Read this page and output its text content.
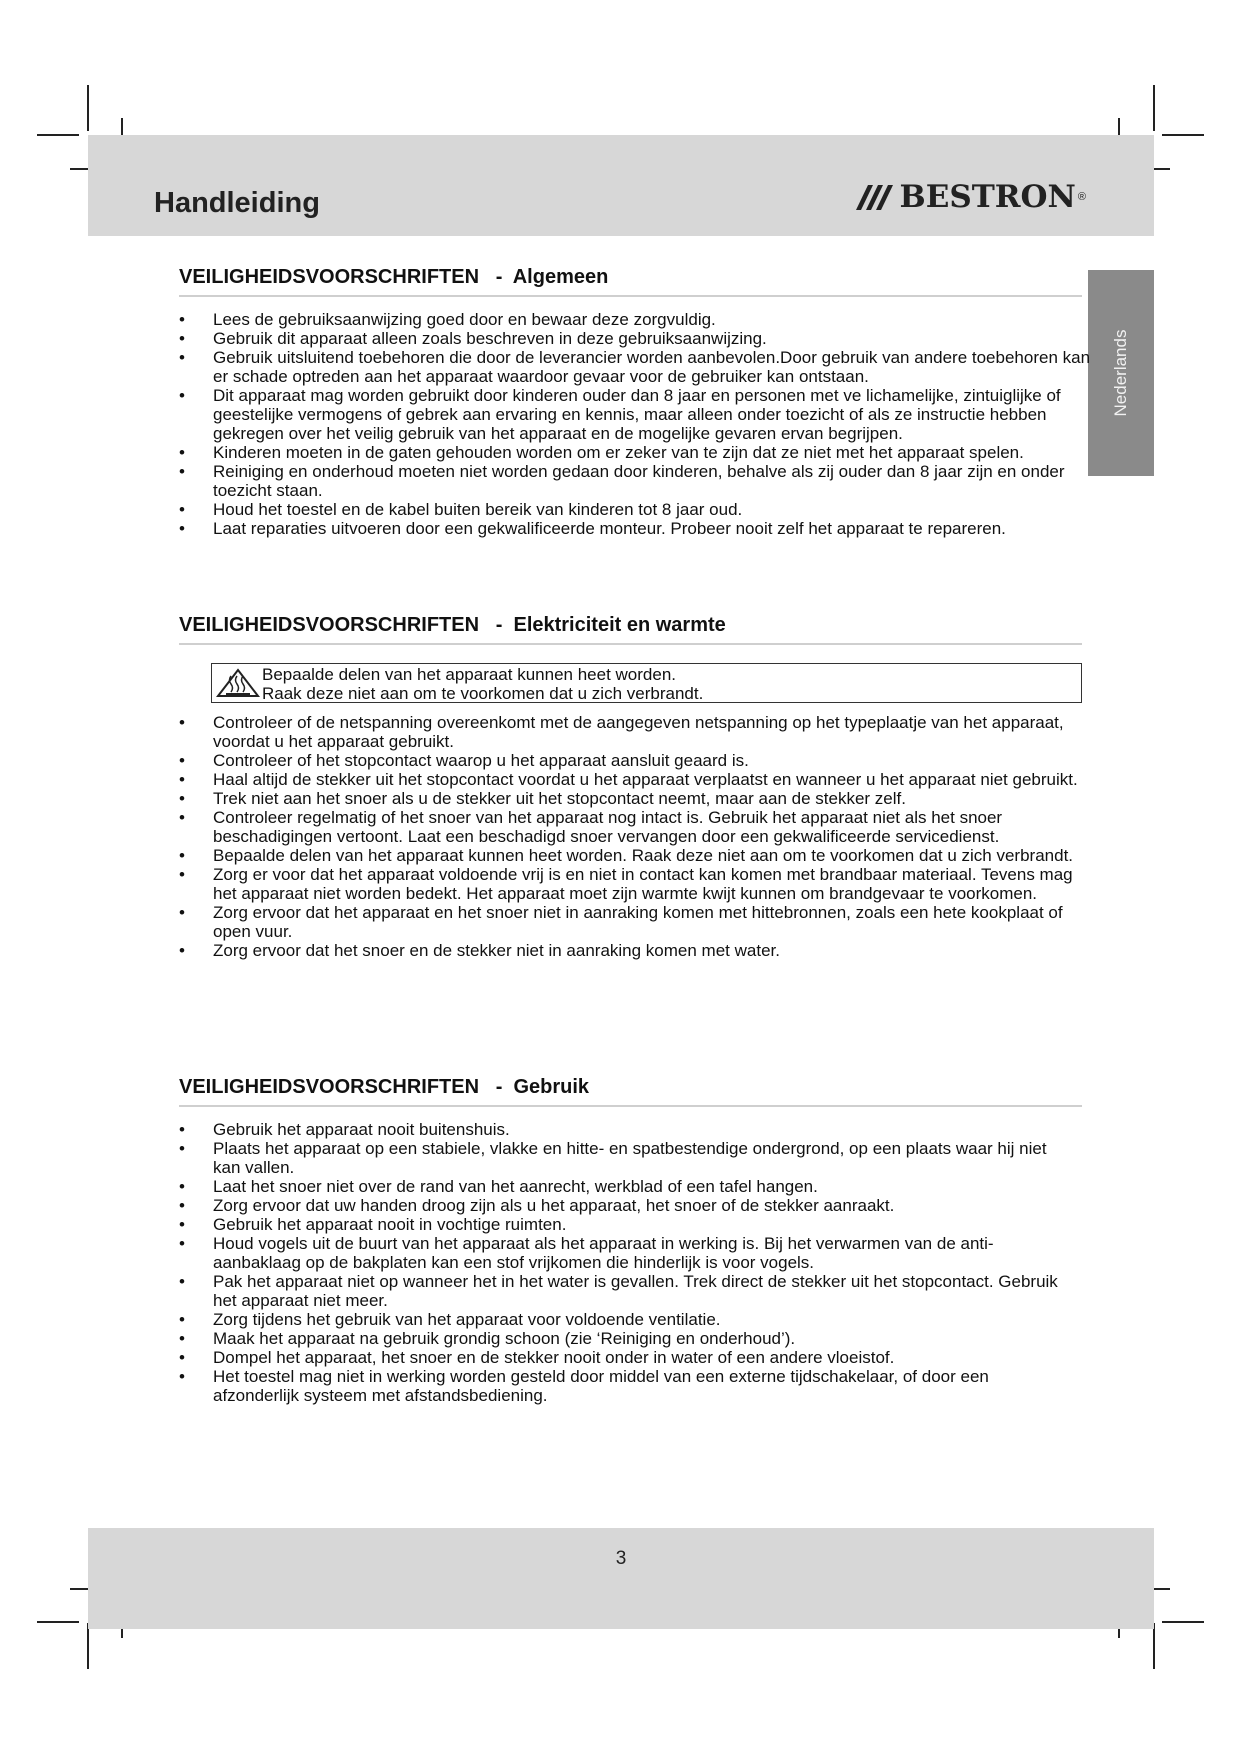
Handleiding	BESTRON ®
Nederlands
VEILIGHEIDSVOORSCHRIFTEN   -  Algemeen
• Lees de gebruiksaanwijzing goed door en bewaar deze zorgvuldig.
• Gebruik dit apparaat alleen zoals beschreven in deze gebruiksaanwijzing.
• Gebruik uitsluitend toebehoren die door de leverancier worden aanbevolen.Door gebruik van andere toebehoren kan er schade optreden aan het apparaat waardoor gevaar voor de gebruiker kan ontstaan.
• Dit apparaat mag worden gebruikt door kinderen ouder dan 8 jaar en personen met ve lichamelijke, zintuiglijke of geestelijke vermogens of gebrek aan ervaring en kennis, maar alleen onder toezicht of als ze instructie hebben gekregen over het veilig gebruik van het apparaat en de mogelijke gevaren ervan begrijpen.
• Kinderen moeten in de gaten gehouden worden om er zeker van te zijn dat ze niet met het apparaat spelen.
• Reiniging en onderhoud moeten niet worden gedaan door kinderen, behalve als zij ouder dan 8 jaar zijn en onder toezicht staan.
• Houd het toestel en de kabel buiten bereik van kinderen tot 8 jaar oud.
• Laat reparaties uitvoeren door een gekwalificeerde monteur. Probeer nooit zelf het apparaat te repareren.
VEILIGHEIDSVOORSCHRIFTEN   -  Elektriciteit en warmte
Bepaalde delen van het apparaat kunnen heet worden.
Raak deze niet aan om te voorkomen dat u zich verbrandt.
• Controleer of de netspanning overeenkomt met de aangegeven netspanning op het typeplaatje van het apparaat, voordat u het apparaat gebruikt.
• Controleer of het stopcontact waarop u het apparaat aansluit geaard is.
• Haal altijd de stekker uit het stopcontact voordat u het apparaat verplaatst en wanneer u het apparaat niet gebruikt.
• Trek niet aan het snoer als u de stekker uit het stopcontact neemt, maar aan de stekker zelf.
• Controleer regelmatig of het snoer van het apparaat nog intact is. Gebruik het apparaat niet als het snoer beschadigingen vertoont. Laat een beschadigd snoer vervangen door een gekwalificeerde servicedienst.
• Bepaalde delen van het apparaat kunnen heet worden. Raak deze niet aan om te voorkomen dat u zich verbrandt.
• Zorg er voor dat het apparaat voldoende vrij is en niet in contact kan komen met brandbaar materiaal. Tevens mag het apparaat niet worden bedekt. Het apparaat moet zijn warmte kwijt kunnen om brandgevaar te voorkomen.
• Zorg ervoor dat het apparaat en het snoer niet in aanraking komen met hittebronnen, zoals een hete kookplaat of open vuur.
• Zorg ervoor dat het snoer en de stekker niet in aanraking komen met water.
VEILIGHEIDSVOORSCHRIFTEN   -  Gebruik
• Gebruik het apparaat nooit buitenshuis.
• Plaats het apparaat op een stabiele, vlakke en hitte- en spatbestendige ondergrond, op een plaats waar hij niet kan vallen.
• Laat het snoer niet over de rand van het aanrecht, werkblad of een tafel hangen.
• Zorg ervoor dat uw handen droog zijn als u het apparaat, het snoer of de stekker aanraakt.
• Gebruik het apparaat nooit in vochtige ruimten.
• Houd vogels uit de buurt van het apparaat als het apparaat in werking is. Bij het verwarmen van de anti-aanbaklaag op de bakplaten kan een stof vrijkomen die hinderlijk is voor vogels.
• Pak het apparaat niet op wanneer het in het water is gevallen. Trek direct de stekker uit het stopcontact. Gebruik het apparaat niet meer.
• Zorg tijdens het gebruik van het apparaat voor voldoende ventilatie.
• Maak het apparaat na gebruik grondig schoon (zie ‘Reiniging en onderhoud’).
• Dompel het apparaat, het snoer en de stekker nooit onder in water of een andere vloeistof.
• Het toestel mag niet in werking worden gesteld door middel van een externe tijdschakelaar, of door een afzonderlijk systeem met afstandsbediening.
3
